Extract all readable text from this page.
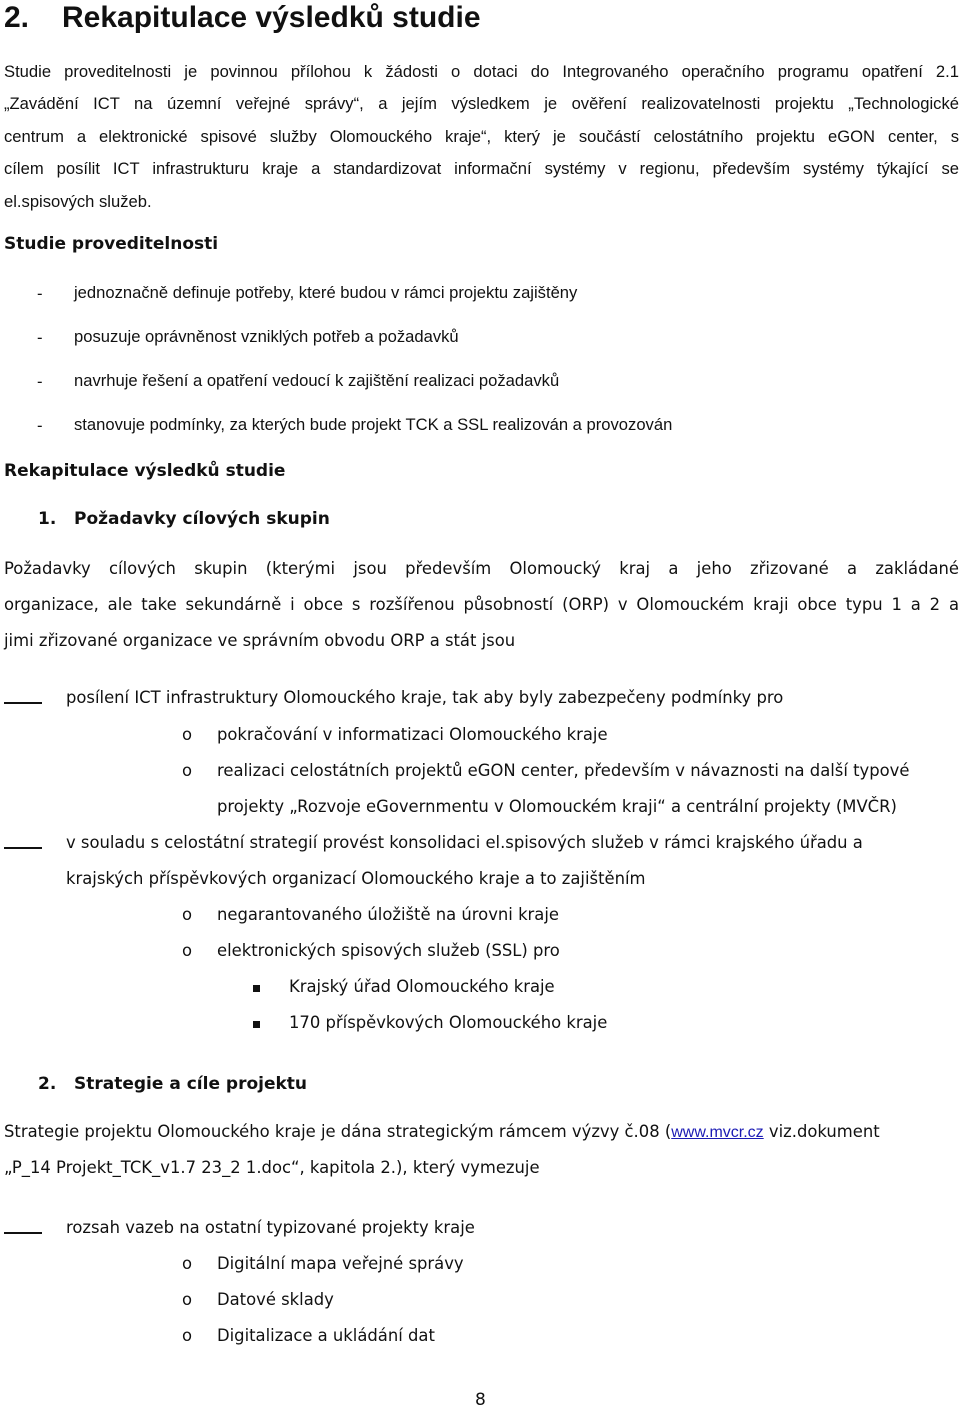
2. Rekapitulace výsledků studie
Studie proveditelnosti je povinnou přílohou k žádosti o dotaci do Integrovaného operačního programu opatření 2.1
„Zavádění ICT na územní veřejné správy“, a jejím výsledkem je ověření realizovatelnosti projektu „Technologické
centrum a elektronické spisové služby Olomouckého kraje“, který je součástí celostátního projektu eGON center, s
cílem posílit ICT infrastrukturu kraje a standardizovat informační systémy v regionu, především systémy týkající se
el.spisových služeb.
Studie proveditelnosti
- jednoznačně definuje potřeby, které budou v rámci projektu zajištěny
- posuzuje oprávněnost vzniklých potřeb a požadavků
- navrhuje řešení a opatření vedoucí k zajištění realizaci požadavků
- stanovuje podmínky, za kterých bude projekt TCK a SSL realizován a provozován
Rekapitulace výsledků studie
1. Požadavky cílových skupin
Požadavky cílových skupin (kterými jsou především Olomoucký kraj a jeho zřizované a zakládané
organizace, ale take sekundárně i obce s rozšířenou působností (ORP) v Olomouckém kraji obce typu 1 a 2 a
jimi zřizované organizace ve správním obvodu ORP a stát jsou
posílení ICT infrastruktury Olomouckého kraje, tak aby byly zabezpečeny podmínky pro
o pokračování v informatizaci Olomouckého kraje
o realizaci celostátních projektů eGON center, především v návaznosti na další typové
projekty „Rozvoje eGovernmentu v Olomouckém kraji“ a centrální projekty (MVČR)
v souladu s celostátní strategií provést konsolidaci el.spisových služeb v rámci krajského úřadu a
krajských příspěvkových organizací Olomouckého kraje a to zajištěním
o negarantovaného úložiště na úrovni kraje
o elektronických spisových služeb (SSL) pro
Krajský úřad Olomouckého kraje
170 příspěvkových Olomouckého kraje
2. Strategie a cíle projektu
Strategie projektu Olomouckého kraje je dána strategickým rámcem výzvy č.08 (www.mvcr.cz viz.dokument
„P_14 Projekt_TCK_v1.7 23_2 1.doc“, kapitola 2.), který vymezuje
rozsah vazeb na ostatní typizované projekty kraje
o Digitální mapa veřejné správy
o Datové sklady
o Digitalizace a ukládání dat
8
